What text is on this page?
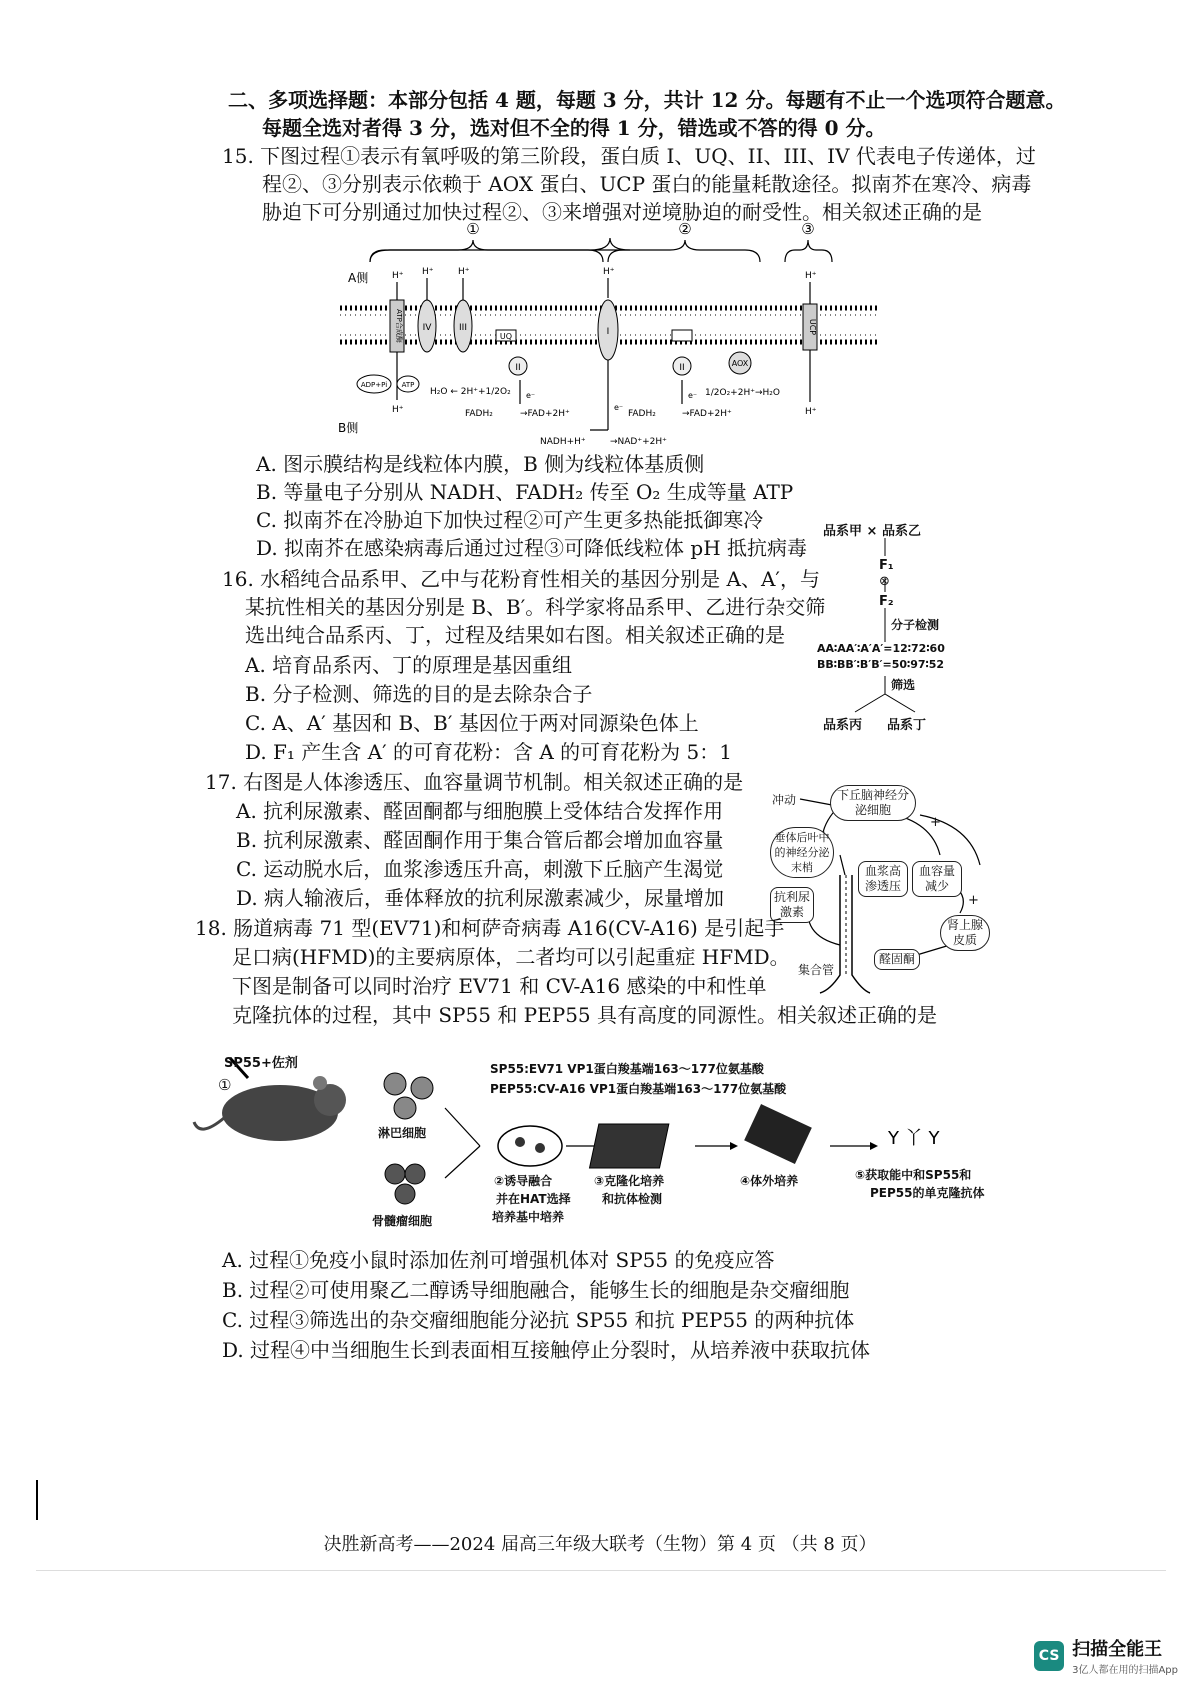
二、多项选择题：本部分包括 4 题，每题 3 分，共计 12 分。每题有不止一个选项符合题意。
每题全选对者得 3 分，选对但不全的得 1 分，错选或不答的得 0 分。
15. 下图过程①表示有氧呼吸的第三阶段，蛋白质 I、UQ、II、III、IV 代表电子传递体，过
程②、③分别表示依赖于 AOX 蛋白、UCP 蛋白的能量耗散途径。拟南芥在寒冷、病毒
胁迫下可分别通过加快过程②、③来增强对逆境胁迫的耐受性。相关叙述正确的是
①	②	③
A侧
B侧
ATP合成酶 IV	III
UQ
II
I
II	AOX
UCP
H⁺ H⁺	H⁺	H⁺	H⁺
H⁺	H⁺
e⁻
e⁻
e⁻
ADP+Pi ATP
H₂O ← 2H⁺+1/2O₂	1/2O₂+2H⁺→H₂O
FADH₂	→FAD+2H⁺	FADH₂	→FAD+2H⁺
NADH+H⁺	→NAD⁺+2H⁺
A. 图示膜结构是线粒体内膜，B 侧为线粒体基质侧
B. 等量电子分别从 NADH、FADH₂ 传至 O₂ 生成等量 ATP
C. 拟南芥在冷胁迫下加快过程②可产生更多热能抵御寒冷
D. 拟南芥在感染病毒后通过过程③可降低线粒体 pH 抵抗病毒
16. 水稻纯合品系甲、乙中与花粉育性相关的基因分别是 A、A′，与
某抗性相关的基因分别是 B、B′。科学家将品系甲、乙进行杂交筛
选出纯合品系丙、丁，过程及结果如右图。相关叙述正确的是
A. 培育品系丙、丁的原理是基因重组
B. 分子检测、筛选的目的是去除杂合子
C. A、A′ 基因和 B、B′ 基因位于两对同源染色体上
D. F₁ 产生含 A′ 的可育花粉：含 A 的可育花粉为 5：1
品系甲 × 品系乙
F₁
⊗
F₂
分子检测
AA∶AA′∶A′A′=12∶72∶60
BB∶BB′∶B′B′=50∶97∶52
筛选
品系丙 品系丁
17. 右图是人体渗透压、血容量调节机制。相关叙述正确的是
A. 抗利尿激素、醛固酮都与细胞膜上受体结合发挥作用
B. 抗利尿激素、醛固酮作用于集合管后都会增加血容量
C. 运动脱水后，血浆渗透压升高，刺激下丘脑产生渴觉
D. 病人输液后，垂体释放的抗利尿激素减少，尿量增加
下丘脑神经分泌细胞
冲动
垂体后叶中的神经分泌末梢	血浆高渗透压
血容量减少
抗利尿激素
肾上腺皮质
醛固酮
集合管
+
+
18. 肠道病毒 71 型(EV71)和柯萨奇病毒 A16(CV-A16) 是引起手
足口病(HFMD)的主要病原体，二者均可以引起重症 HFMD。
下图是制备可以同时治疗 EV71 和 CV-A16 感染的中和性单
克隆抗体的过程，其中 SP55 和 PEP55 具有高度的同源性。相关叙述正确的是
Y 丫 Y
SP55+佐剂
①
淋巴细胞
骨髓瘤细胞
SP55:EV71 VP1蛋白羧基端163～177位氨基酸
PEP55:CV-A16 VP1蛋白羧基端163～177位氨基酸
②诱导融合
并在HAT选择
培养基中培养
③克隆化培养
和抗体检测
④体外培养	⑤获取能中和SP55和
PEP55的单克隆抗体
A. 过程①免疫小鼠时添加佐剂可增强机体对 SP55 的免疫应答
B. 过程②可使用聚乙二醇诱导细胞融合，能够生长的细胞是杂交瘤细胞
C. 过程③筛选出的杂交瘤细胞能分泌抗 SP55 和抗 PEP55 的两种抗体
D. 过程④中当细胞生长到表面相互接触停止分裂时，从培养液中获取抗体
决胜新高考——2024 届高三年级大联考（生物）第 4 页 （共 8 页）
CS 扫描全能王
3亿人都在用的扫描App
